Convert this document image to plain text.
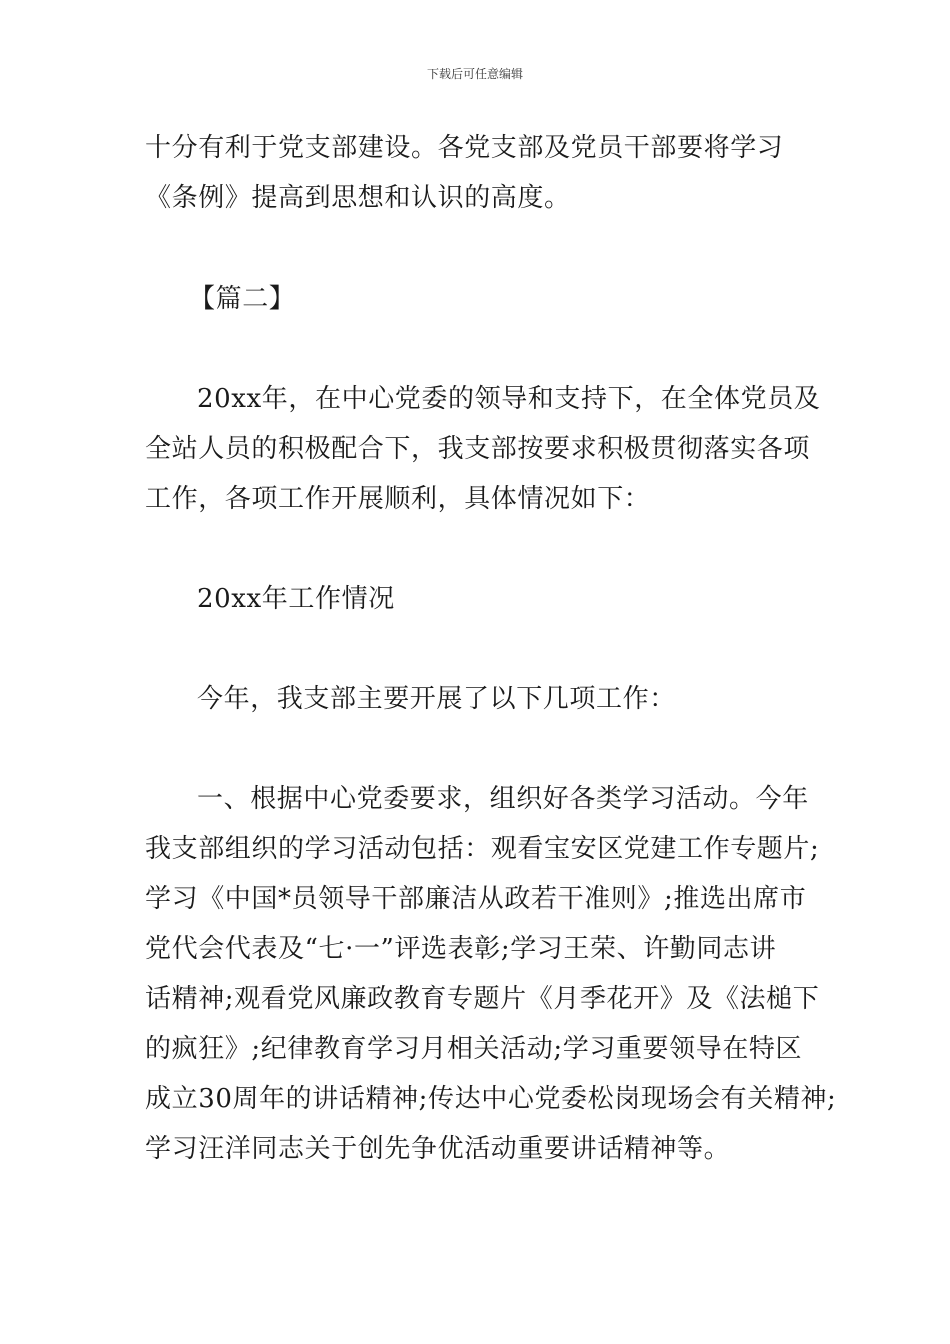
下载后可任意编辑
十分有利于党支部建设。各党支部及党员干部要将学习
《条例》提高到思想和认识的高度。
【篇二】
20xx年，在中心党委的领导和支持下，在全体党员及
全站人员的积极配合下，我支部按要求积极贯彻落实各项
工作，各项工作开展顺利，具体情况如下：
20xx年工作情况
今年，我支部主要开展了以下几项工作：
一、根据中心党委要求，组织好各类学习活动。今年
我支部组织的学习活动包括：观看宝安区党建工作专题片;
学习《中国*员领导干部廉洁从政若干准则》;推选出席市
党代会代表及“七·一”评选表彰;学习王荣、许勤同志讲
话精神;观看党风廉政教育专题片《月季花开》及《法槌下
的疯狂》;纪律教育学习月相关活动;学习重要领导在特区
成立30周年的讲话精神;传达中心党委松岗现场会有关精神;
学习汪洋同志关于创先争优活动重要讲话精神等。
